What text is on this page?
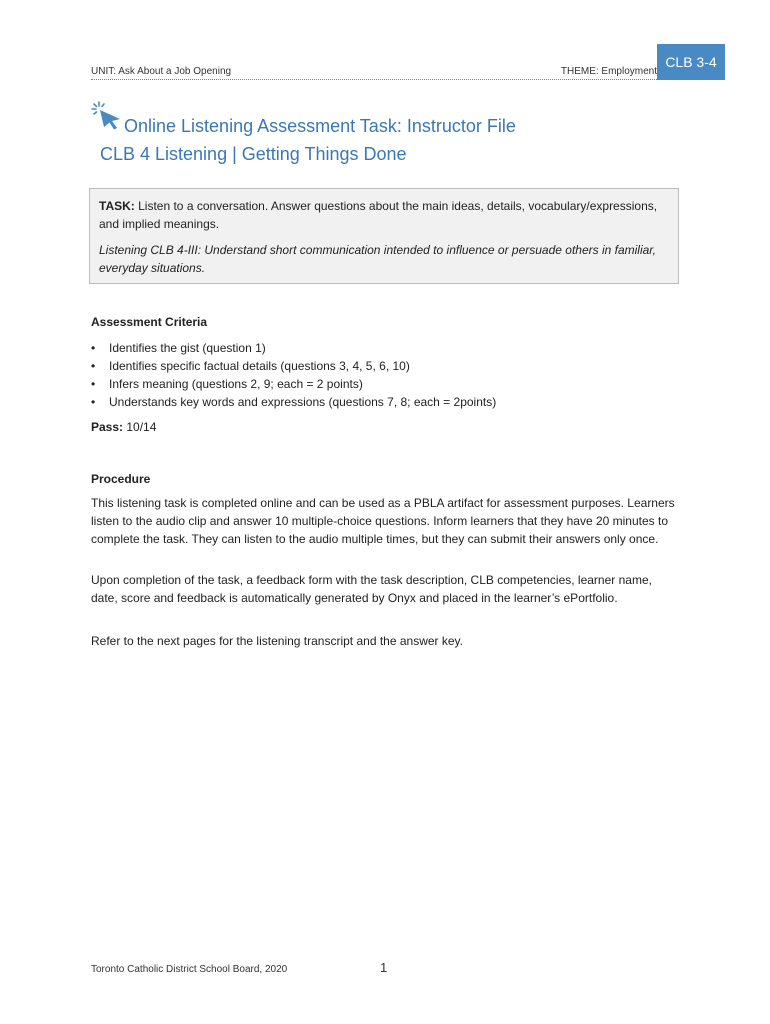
UNIT: Ask About a Job Opening	THEME: Employment
CLB 3-4
Online Listening Assessment Task: Instructor File
CLB 4 Listening | Getting Things Done

TASK: Listen to a conversation. Answer questions about the main ideas, details, vocabulary/expressions, and implied meanings.

Listening CLB 4-III: Understand short communication intended to influence or persuade others in familiar, everyday situations.

Assessment Criteria
• Identifies the gist (question 1)
• Identifies specific factual details (questions 3, 4, 5, 6, 10)
• Infers meaning (questions 2, 9; each = 2 points)
• Understands key words and expressions (questions 7, 8; each = 2points)
Pass: 10/14
Procedure

This listening task is completed online and can be used as a PBLA artifact for assessment purposes. Learners listen to the audio clip and answer 10 multiple-choice questions. Inform learners that they have 20 minutes to complete the task. They can listen to the audio multiple times, but they can submit their answers only once.

Upon completion of the task, a feedback form with the task description, CLB competencies, learner name, date, score and feedback is automatically generated by Onyx and placed in the learner’s ePortfolio.

Refer to the next pages for the listening transcript and the answer key.

Toronto Catholic District School Board, 2020	1
